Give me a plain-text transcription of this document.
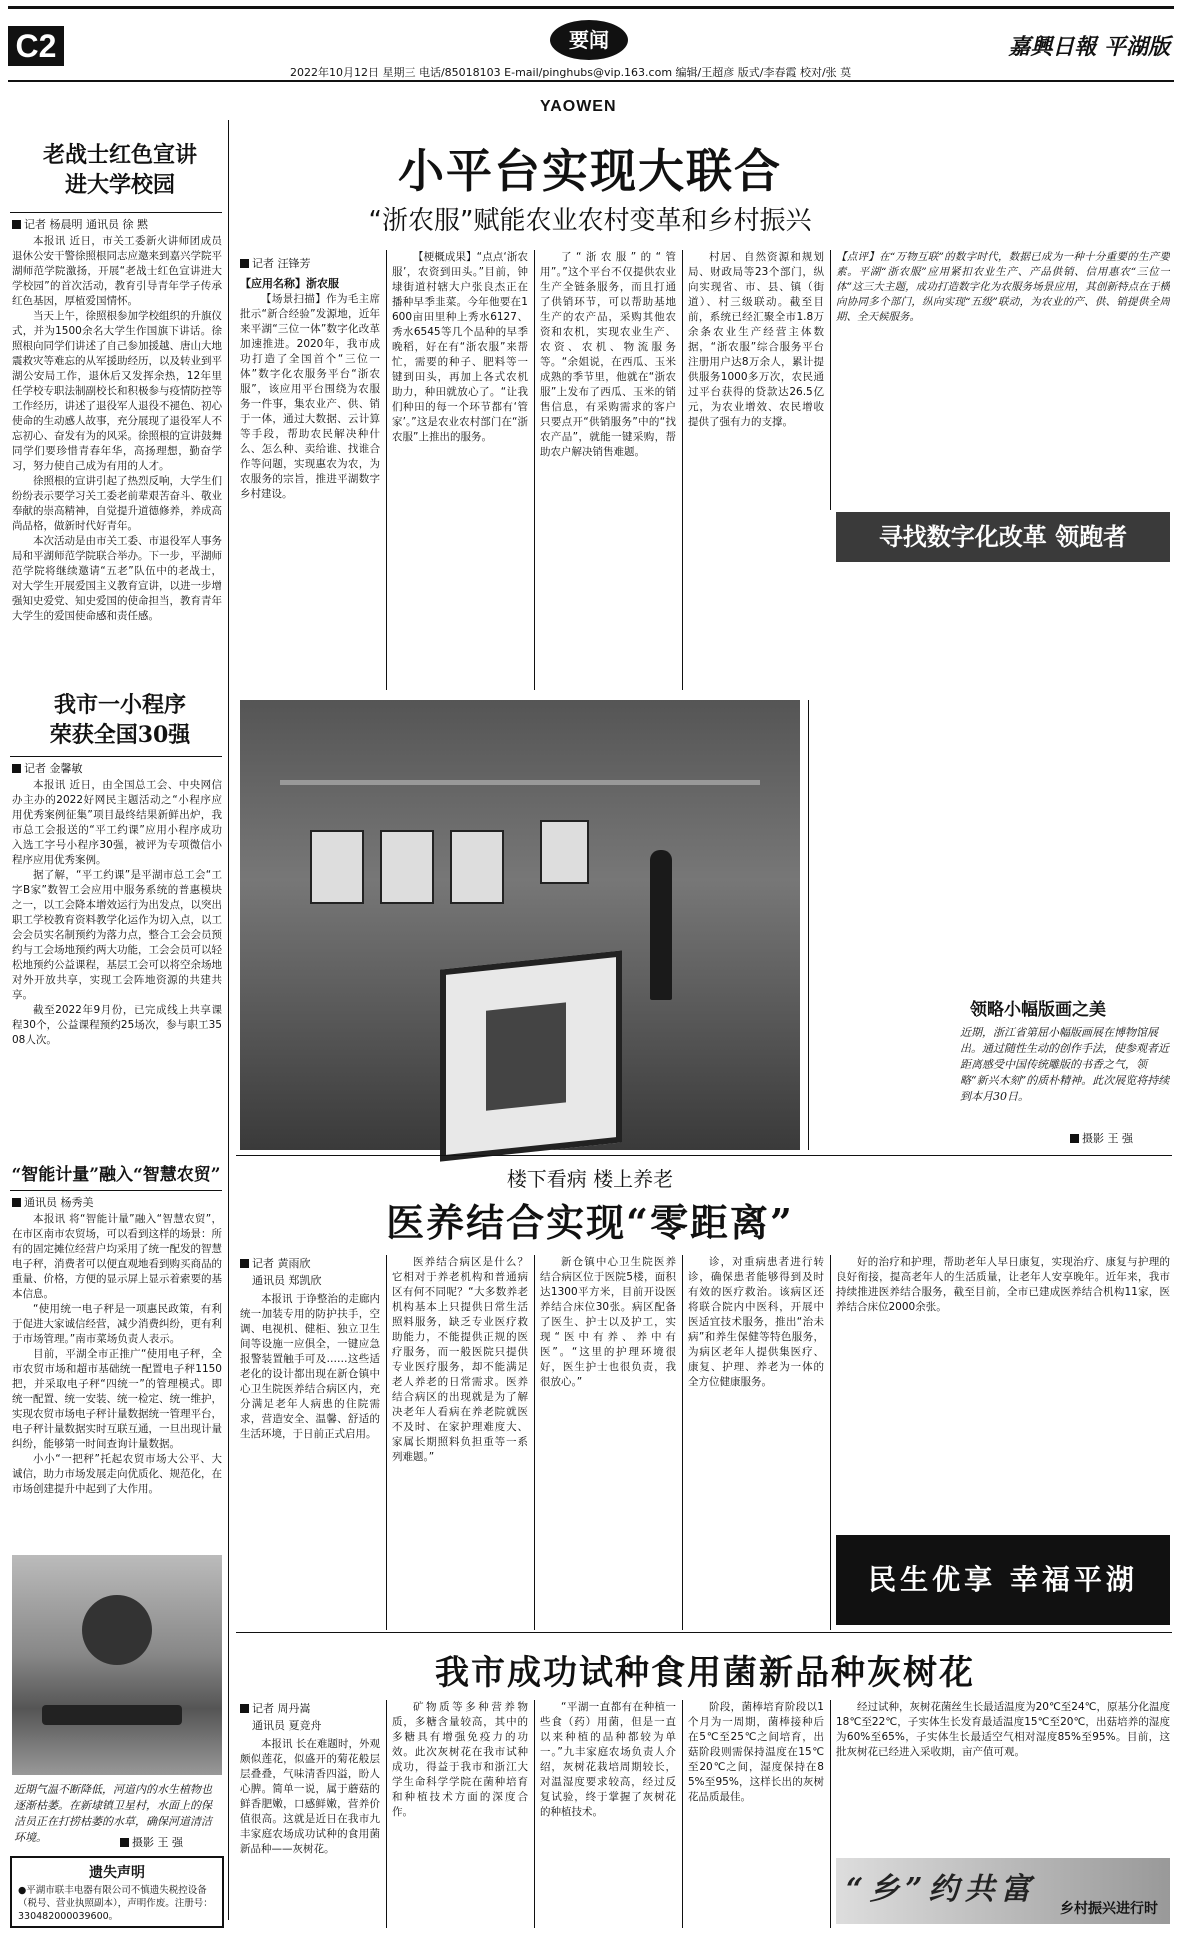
C2	要闻	嘉興日報 平湖版
2022年10月12日 星期三 电话/85018103 E-mail/pinghubs@vip.163.com 编辑/王超彦 版式/李春霞 校对/张 莫
YAOWEN
老战士红色宣讲
进大学校园
记者 杨晨明 通讯员 徐 黙

本报讯 近日，市关工委新火讲师团成员退休公安干警徐照根同志应邀来到嘉兴学院平湖师范学院激扬，开展“老战士红色宣讲进大学校园”的首次活动，教育引导青年学子传承红色基因，厚植爱国情怀。

当天上午，徐照根参加学校组织的升旗仪式，并为1500余名大学生作国旗下讲话。徐照根向同学们讲述了自己参加援越、唐山大地震救灾等难忘的从军援助经历，以及转业到平湖公安局工作，退休后又发挥余热，12年里任学校专职法制副校长和积极参与疫情防控等工作经历，讲述了退役军人退役不褪色、初心使命的生动感人故事，充分展现了退役军人不忘初心、奋发有为的风采。徐照根的宣讲鼓舞同学们要珍惜青春年华，高扬理想，勤奋学习，努力使自己成为有用的人才。

徐照根的宣讲引起了热烈反响，大学生们纷纷表示要学习关工委老前辈艰苦奋斗、敬业奉献的崇高精神，自觉提升道德修养，养成高尚品格，做新时代好青年。

本次活动是由市关工委、市退役军人事务局和平湖师范学院联合举办。下一步，平湖师范学院将继续邀请“五老”队伍中的老战士，对大学生开展爱国主义教育宣讲，以进一步增强知史爱党、知史爱国的使命担当，教育青年大学生的爱国使命感和责任感。

我市一小程序
荣获全国30强
记者 金馨敏

本报讯 近日，由全国总工会、中央网信办主办的2022好网民主题活动之“小程序应用优秀案例征集”项目最终结果新鲜出炉，我市总工会报送的“平工约课”应用小程序成功入选工字号小程序30强，被评为专项微信小程序应用优秀案例。

据了解，“平工约课”是平湖市总工会“工字B家”数智工会应用中服务系统的普惠模块之一，以工会降本增效运行为出发点，以突出职工学校教育资料教学化运作为切入点，以工会会员实名制预约为落力点，整合工会会员预约与工会场地预约两大功能，工会会员可以轻松地预约公益课程，基层工会可以将空余场地对外开放共享，实现工会阵地资源的共建共享。

截至2022年9月份，已完成线上共享课程30个，公益课程预约25场次，参与职工3508人次。

“智能计量”融入“智慧农贸”
通讯员 杨秀美

本报讯 将“智能计量”融入“智慧农贸”，在市区南市农贸场，可以看到这样的场景：所有的固定摊位经营户均采用了统一配发的智慧电子秤，消费者可以便直观地看到购买商品的重量、价格，方便的显示屏上显示着索要的基本信息。

“使用统一电子秤是一项惠民政策，有利于促进大家诚信经营，减少消费纠纷，更有利于市场管理。”南市菜场负责人表示。

目前，平湖全市正推广“使用电子秤，全市农贸市场和超市基础统一配置电子秤1150把，并采取电子秤“四统一”的管理模式。即统一配置、统一安装、统一检定、统一维护，实现农贸市场电子秤计量数据统一管理平台，电子秤计量数据实时互联互通，一旦出现计量纠纷，能够第一时间查询计量数据。

小小“一把秤”托起农贸市场大公平、大诚信，助力市场发展走向优质化、规范化，在市场创建提升中起到了大作用。

近期气温不断降低，河道内的水生植物也逐渐枯萎。在新埭镇卫星村，水面上的保洁员正在打捞枯萎的水草，确保河道清洁环境。	摄影 王 强
遗失声明
●平湖市联丰电器有限公司不慎遗失税控设备（税号、营业执照副本），声明作废。注册号：330482000039600。
小平台实现大联合
“浙农服”赋能农业农村变革和乡村振兴
记者 汪锋芳
【应用名称】浙农服

【场景扫描】作为毛主席批示“新合经验”发源地，近年来平湖“三位一体”数字化改革加速推进。2020年，我市成功打造了全国首个“三位一体”数字化农服务平台“浙农服”，该应用平台围绕为农服务一件事，集农业产、供、销于一体，通过大数据、云计算等手段，帮助农民解决种什么、怎么种、卖给谁、找谁合作等问题，实现惠农为农，为农服务的宗旨，推进平湖数字乡村建设。

【梗概成果】“点点‘浙农服’，农资到田头。”目前，钟埭街道村辖大户张良杰正在播种早季韭菜。今年他要在1600亩田里种上秀水6127、秀水6545等几个品种的早季晚稻，好在有“浙农服”来帮忙，需要的种子、肥料等一键到田头，再加上各式农机助力，种田就放心了。“让我们种田的每一个环节都有‘管家’。”这是农业农村部门在“浙农服”上推出的服务。

了“浙农服”的“管用”。”这个平台不仅提供农业生产全链条服务，而且打通了供销环节，可以帮助基地生产的农产品，采购其他农资和农机，实现农业生产、农资、农机、物流服务等。“余姐说，在西瓜、玉米成熟的季节里，他就在“浙农服”上发布了西瓜、玉米的销售信息，有采购需求的客户只要点开“供销服务”中的“找农产品”，就能一键采购，帮助农户解决销售难题。

村居、自然资源和规划局、财政局等23个部门，纵向实现省、市、县、镇（街道）、村三级联动。截至目前，系统已经汇聚全市1.8万余条农业生产经营主体数据，“浙农服”综合服务平台注册用户达8万余人，累计提供服务1000多万次，农民通过平台获得的贷款达26.5亿元，为农业增效、农民增收提供了强有力的支撑。

【点评】在“万物互联”的数字时代，数据已成为一种十分重要的生产要素。平湖“浙农服”应用紧扣农业生产、产品供销、信用惠农“三位一体”这三大主题，成功打造数字化为农服务场景应用，其创新特点在于横向协同多个部门，纵向实现“五级”联动，为农业的产、供、销提供全周期、全天候服务。
寻找数字化改革 领跑者
领略小幅版画之美
近期，浙江省第屈小幅版画展在博物馆展出。通过随性生动的创作手法，使参观者近距离感受中国传统雕版的书香之气，领略“新兴木刻”的质朴精神。此次展览将持续到本月30日。
摄影 王 强
楼下看病 楼上养老
医养结合实现“零距离”
记者 黄雨欣
通讯员 郑凯欣

本报讯 于诤整治的走廊内统一加装专用的防护扶手，空调、电视机、健柜、独立卫生间等设施一应俱全，一键应急报警装置触手可及……这些适老化的设计都出现在新仓镇中心卫生院医养结合病区内，充分满足老年人病患的住院需求，营造安全、温馨、舒适的生活环境，于日前正式启用。

医养结合病区是什么？它相对于养老机构和普通病区有何不同呢？“大多数养老机构基本上只提供日常生活照料服务，缺乏专业医疗救助能力，不能提供正规的医疗服务，而一般医院只提供专业医疗服务，却不能满足老人养老的日常需求。医养结合病区的出现就是为了解决老年人看病在养老院就医不及时、在家护理难度大、家属长期照料负担重等一系列难题。”

新仓镇中心卫生院医养结合病区位于医院5楼，面积达1300平方米，目前开设医养结合床位30张。病区配备了医生、护士以及护工，实现“医中有养、养中有医”。“这里的护理环境很好，医生护士也很负责，我很放心。”

诊，对重病患者进行转诊，确保患者能够得到及时有效的医疗救治。该病区还将联合院内中医科，开展中医适宜技术服务，推出“治未病”和养生保健等特色服务，为病区老年人提供集医疗、康复、护理、养老为一体的全方位健康服务。

好的治疗和护理，帮助老年人早日康复，实现治疗、康复与护理的良好衔接，提高老年人的生活质量，让老年人安享晚年。近年来，我市持续推进医养结合服务，截至目前，全市已建成医养结合机构11家，医养结合床位2000余张。

民生优享 幸福平湖
我市成功试种食用菌新品种灰树花
记者 周丹嵩
通讯员 夏竞舟

本报讯 长在难题时，外观颇似莲花，似盛开的菊花般层层叠叠，气味清香四溢，盼人心脾。简单一说，属于蘑菇的鲜香肥嫩，口感鲜嫩，营养价值很高。这就是近日在我市九丰家庭农场成功试种的食用菌新品种——灰树花。

矿物质等多种营养物质，多糖含量较高，其中的多糖具有增强免疫力的功效。此次灰树花在我市试种成功，得益于我市和浙江大学生命科学学院在菌种培育和种植技术方面的深度合作。

“平湖一直都有在种植一些食（药）用菌，但是一直以来种植的品种都较为单一。”九丰家庭农场负责人介绍，灰树花栽培周期较长，对温湿度要求较高，经过反复试验，终于掌握了灰树花的种植技术。

阶段，菌棒培育阶段以1个月为一周期，菌棒接种后在5℃至25℃之间培育，出菇阶段则需保持温度在15℃至20℃之间，湿度保持在85%至95%，这样长出的灰树花品质最佳。

经过试种，灰树花菌丝生长最适温度为20℃至24℃，原基分化温度18℃至22℃，子实体生长发育最适温度15℃至20℃，出菇培养的湿度为60%至65%，子实体生长最适空气相对湿度85%至95%。目前，这批灰树花已经进入采收期，亩产值可观。

“乡”约共富
乡村振兴进行时
